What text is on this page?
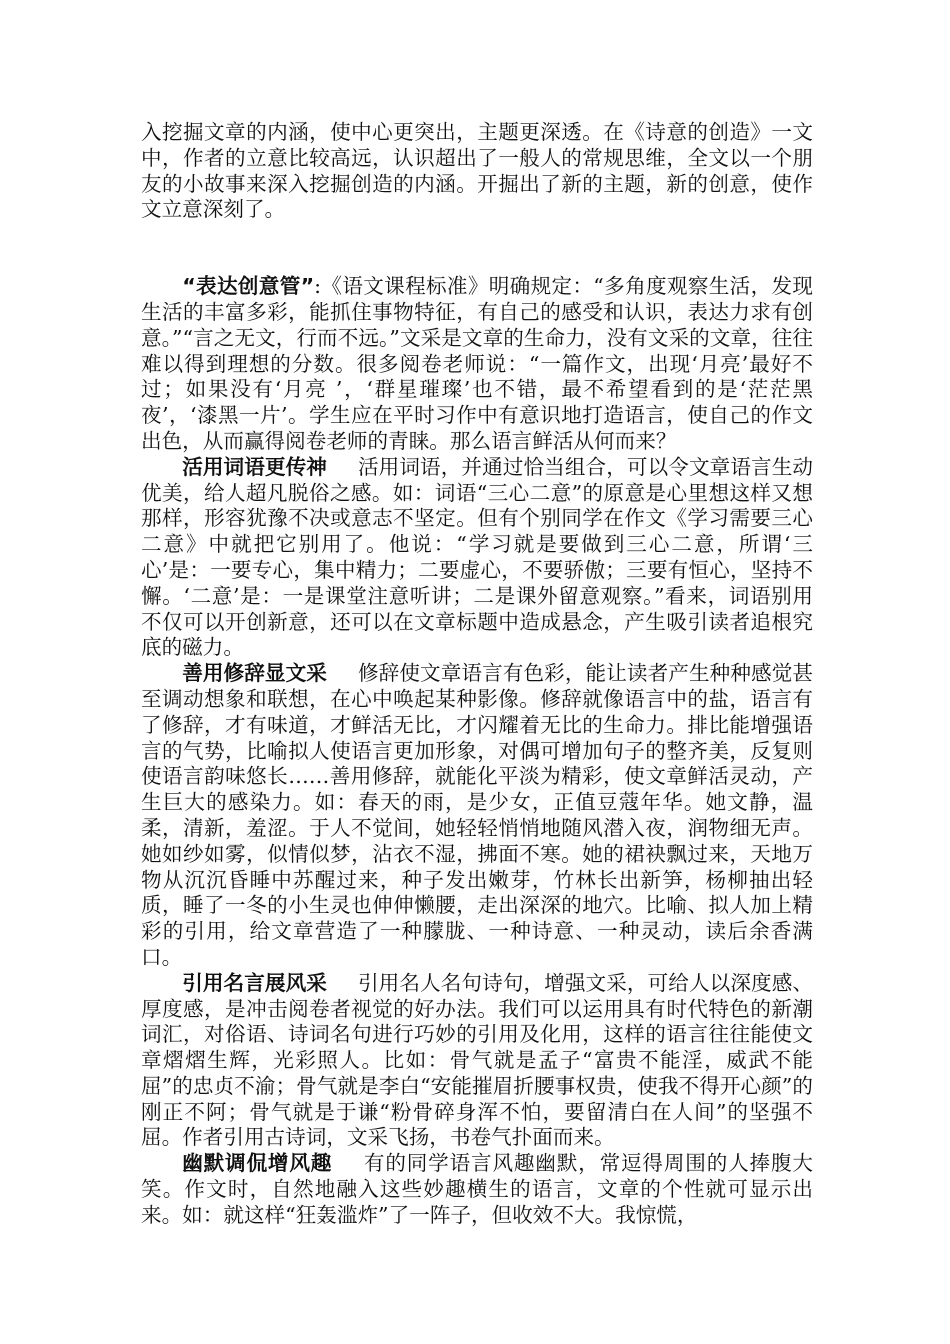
入挖掘文章的内涵，使中心更突出，主题更深透。在《诗意的创造》一文中，作者的立意比较高远，认识超出了一般人的常规思维，全文以一个朋友的小故事来深入挖掘创造的内涵。开掘出了新的主题，新的创意，使作文立意深刻了。

“表达创意管”:《语文课程标准》明确规定：“多角度观察生活，发现生活的丰富多彩，能抓住事物特征，有自己的感受和认识，表达力求有创意。”“言之无文，行而不远。”文采是文章的生命力，没有文采的文章，往往难以得到理想的分数。很多阅卷老师说：“一篇作文，出现‘月亮’最好不过；如果没有‘月亮 ’，‘群星璀璨’也不错，最不希望看到的是‘茫茫黑夜’，‘漆黑一片’。学生应在平时习作中有意识地打造语言，使自己的作文出色，从而赢得阅卷老师的青睐。那么语言鲜活从何而来？

活用词语更传神 活用词语，并通过恰当组合，可以令文章语言生动优美，给人超凡脱俗之感。如：词语“三心二意”的原意是心里想这样又想那样，形容犹豫不决或意志不坚定。但有个别同学在作文《学习需要三心二意》中就把它别用了。他说：“学习就是要做到三心二意，所谓‘三心’是：一要专心，集中精力；二要虚心，不要骄傲；三要有恒心，坚持不懈。‘二意’是：一是课堂注意听讲；二是课外留意观察。”看来，词语别用不仅可以开创新意，还可以在文章标题中造成悬念，产生吸引读者追根究底的磁力。

善用修辞显文采 修辞使文章语言有色彩，能让读者产生种种感觉甚至调动想象和联想，在心中唤起某种影像。修辞就像语言中的盐，语言有了修辞，才有味道，才鲜活无比，才闪耀着无比的生命力。排比能增强语言的气势，比喻拟人使语言更加形象，对偶可增加句子的整齐美，反复则使语言韵味悠长……善用修辞，就能化平淡为精彩，使文章鲜活灵动，产生巨大的感染力。如：春天的雨，是少女，正值豆蔻年华。她文静，温柔，清新，羞涩。于人不觉间，她轻轻悄悄地随风潜入夜，润物细无声。她如纱如雾，似情似梦，沾衣不湿，拂面不寒。她的裙袂飘过来，天地万物从沉沉昏睡中苏醒过来，种子发出嫩芽，竹林长出新笋，杨柳抽出轻质，睡了一冬的小生灵也伸伸懒腰，走出深深的地穴。比喻、拟人加上精彩的引用，给文章营造了一种朦胧、一种诗意、一种灵动，读后余香满口。

引用名言展风采 引用名人名句诗句，增强文采，可给人以深度感、厚度感，是冲击阅卷者视觉的好办法。我们可以运用具有时代特色的新潮词汇，对俗语、诗词名句进行巧妙的引用及化用，这样的语言往往能使文章熠熠生辉，光彩照人。比如：骨气就是孟子“富贵不能淫，威武不能屈”的忠贞不渝；骨气就是李白“安能摧眉折腰事权贵，使我不得开心颜”的刚正不阿；骨气就是于谦“粉骨碎身浑不怕，要留清白在人间”的坚强不屈。作者引用古诗词，文采飞扬，书卷气扑面而来。

幽默调侃增风趣 有的同学语言风趣幽默，常逗得周围的人捧腹大笑。作文时，自然地融入这些妙趣横生的语言，文章的个性就可显示出来。如：就这样“狂轰滥炸”了一阵子，但收效不大。我惊慌，
